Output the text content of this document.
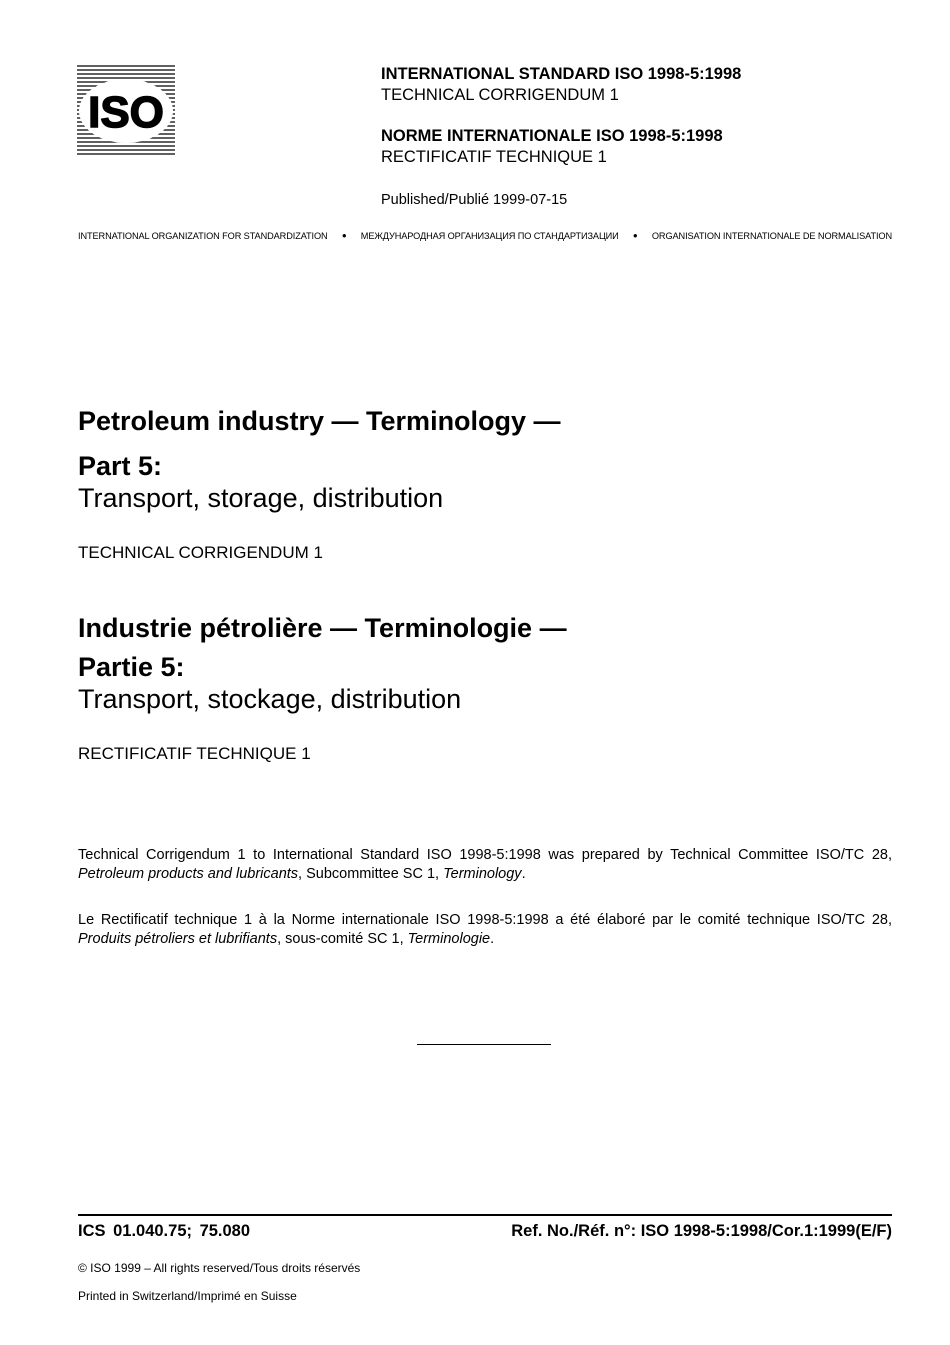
ISO
INTERNATIONAL STANDARD ISO 1998-5:1998
TECHNICAL CORRIGENDUM 1
NORME INTERNATIONALE ISO 1998-5:1998
RECTIFICATIF TECHNIQUE 1
Published/Publié 1999-07-15
INTERNATIONAL ORGANIZATION FOR STANDARDIZATION ● МЕЖДУНАРОДНАЯ ОРГАНИЗАЦИЯ ПО СТАНДАРТИЗАЦИИ ● ORGANISATION INTERNATIONALE DE NORMALISATION
Petroleum industry — Terminology —
Part 5:
Transport, storage, distribution
TECHNICAL CORRIGENDUM 1
Industrie pétrolière — Terminologie —
Partie 5:
Transport, stockage, distribution
RECTIFICATIF TECHNIQUE 1
Technical Corrigendum 1 to International Standard ISO 1998-5:1998 was prepared by Technical Committee ISO/TC 28, Petroleum products and lubricants, Subcommittee SC 1, Terminology.
Le Rectificatif technique 1 à la Norme internationale ISO 1998-5:1998 a été élaboré par le comité technique ISO/TC 28, Produits pétroliers et lubrifiants, sous-comité SC 1, Terminologie.
ICS 01.040.75; 75.080	Ref. No./Réf. n°: ISO 1998-5:1998/Cor.1:1999(E/F)
© ISO 1999 – All rights reserved/Tous droits réservés
Printed in Switzerland/Imprimé en Suisse
